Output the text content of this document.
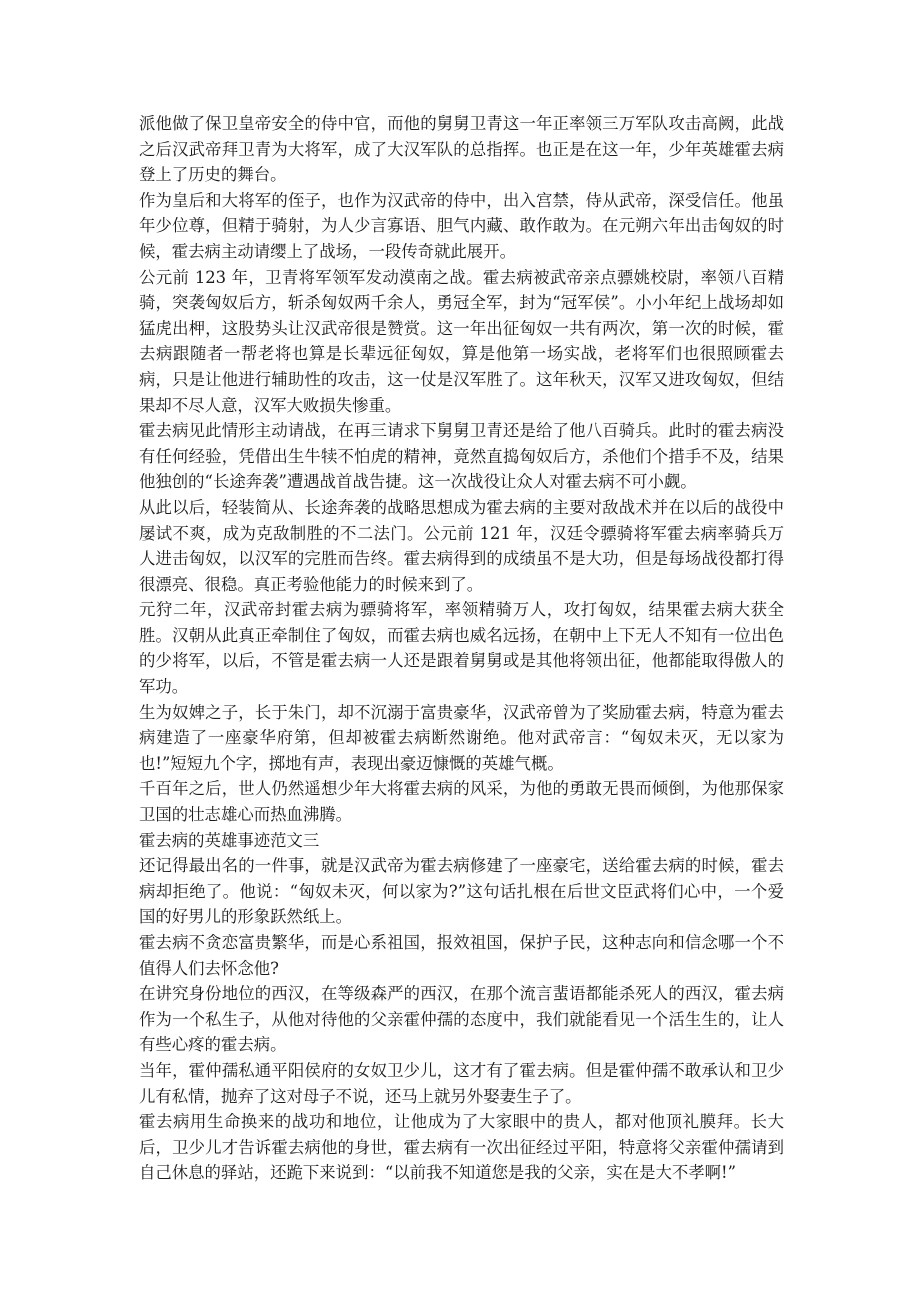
派他做了保卫皇帝安全的侍中官，而他的舅舅卫青这一年正率领三万军队攻击高阙，此战之后汉武帝拜卫青为大将军，成了大汉军队的总指挥。也正是在这一年，少年英雄霍去病登上了历史的舞台。

作为皇后和大将军的侄子，也作为汉武帝的侍中，出入宫禁，侍从武帝，深受信任。他虽年少位尊，但精于骑射，为人少言寡语、胆气内藏、敢作敢为。在元朔六年出击匈奴的时候，霍去病主动请缨上了战场，一段传奇就此展开。

公元前 123 年，卫青将军领军发动漠南之战。霍去病被武帝亲点骠姚校尉，率领八百精骑，突袭匈奴后方，斩杀匈奴两千余人，勇冠全军，封为“冠军侯”。小小年纪上战场却如猛虎出柙，这股势头让汉武帝很是赞赏。这一年出征匈奴一共有两次，第一次的时候，霍去病跟随者一帮老将也算是长辈远征匈奴，算是他第一场实战，老将军们也很照顾霍去病，只是让他进行辅助性的攻击，这一仗是汉军胜了。这年秋天，汉军又进攻匈奴，但结果却不尽人意，汉军大败损失惨重。

霍去病见此情形主动请战，在再三请求下舅舅卫青还是给了他八百骑兵。此时的霍去病没有任何经验，凭借出生牛犊不怕虎的精神，竟然直捣匈奴后方，杀他们个措手不及，结果他独创的“长途奔袭”遭遇战首战告捷。这一次战役让众人对霍去病不可小觑。

从此以后，轻装简从、长途奔袭的战略思想成为霍去病的主要对敌战术并在以后的战役中屡试不爽，成为克敌制胜的不二法门。公元前 121 年，汉廷令骠骑将军霍去病率骑兵万人进击匈奴，以汉军的完胜而告终。霍去病得到的成绩虽不是大功，但是每场战役都打得很漂亮、很稳。真正考验他能力的时候来到了。

元狩二年，汉武帝封霍去病为骠骑将军，率领精骑万人，攻打匈奴，结果霍去病大获全胜。汉朝从此真正牵制住了匈奴，而霍去病也威名远扬，在朝中上下无人不知有一位出色的少将军，以后，不管是霍去病一人还是跟着舅舅或是其他将领出征，他都能取得傲人的军功。

生为奴婢之子，长于朱门，却不沉溺于富贵豪华，汉武帝曾为了奖励霍去病，特意为霍去病建造了一座豪华府第，但却被霍去病断然谢绝。他对武帝言：“匈奴未灭，无以家为也!”短短九个字，掷地有声，表现出豪迈慷慨的英雄气概。

千百年之后，世人仍然遥想少年大将霍去病的风采，为他的勇敢无畏而倾倒，为他那保家卫国的壮志雄心而热血沸腾。

霍去病的英雄事迹范文三

还记得最出名的一件事，就是汉武帝为霍去病修建了一座豪宅，送给霍去病的时候，霍去病却拒绝了。他说：“匈奴未灭，何以家为?”这句话扎根在后世文臣武将们心中，一个爱国的好男儿的形象跃然纸上。

霍去病不贪恋富贵繁华，而是心系祖国，报效祖国，保护子民，这种志向和信念哪一个不值得人们去怀念他?

在讲究身份地位的西汉，在等级森严的西汉，在那个流言蜚语都能杀死人的西汉，霍去病作为一个私生子，从他对待他的父亲霍仲孺的态度中，我们就能看见一个活生生的，让人有些心疼的霍去病。

当年，霍仲孺私通平阳侯府的女奴卫少儿，这才有了霍去病。但是霍仲孺不敢承认和卫少儿有私情，抛弃了这对母子不说，还马上就另外娶妻生子了。

霍去病用生命换来的战功和地位，让他成为了大家眼中的贵人，都对他顶礼膜拜。长大后，卫少儿才告诉霍去病他的身世，霍去病有一次出征经过平阳，特意将父亲霍仲孺请到自己休息的驿站，还跪下来说到：“以前我不知道您是我的父亲，实在是大不孝啊!”
